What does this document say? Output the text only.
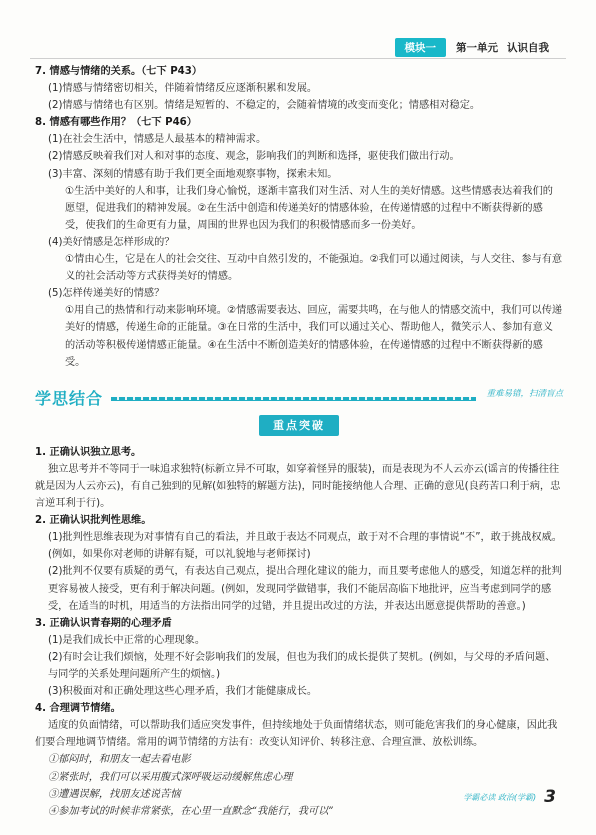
模块一	第一单元 认识自我
7. 情感与情绪的关系。（七下 P43）
(1)情感与情绪密切相关，伴随着情绪反应逐渐积累和发展。
(2)情感与情绪也有区别。情绪是短暂的、不稳定的，会随着情境的改变而变化；情感相对稳定。
8. 情感有哪些作用？（七下 P46）
(1)在社会生活中，情感是人最基本的精神需求。
(2)情感反映着我们对人和对事的态度、观念，影响我们的判断和选择，驱使我们做出行动。
(3)丰富、深刻的情感有助于我们更全面地观察事物，探索未知。
①生活中美好的人和事，让我们身心愉悦，逐渐丰富我们对生活、对人生的美好情感。这些情感表达着我们的愿望，促进我们的精神发展。②在生活中创造和传递美好的情感体验，在传递情感的过程中不断获得新的感受，使我们的生命更有力量，周围的世界也因为我们的积极情感而多一份美好。
(4)美好情感是怎样形成的？
①情由心生，它是在人的社会交往、互动中自然引发的，不能强迫。②我们可以通过阅读，与人交往、参与有意义的社会活动等方式获得美好的情感。
(5)怎样传递美好的情感？
①用自己的热情和行动来影响环境。②情感需要表达、回应，需要共鸣，在与他人的情感交流中，我们可以传递美好的情感，传递生命的正能量。③在日常的生活中，我们可以通过关心、帮助他人，微笑示人、参加有意义的活动等积极传递情感正能量。④在生活中不断创造美好的情感体验，在传递情感的过程中不断获得新的感受。
学思结合	重难易错，扫清盲点
重点突破
1. 正确认识独立思考。
独立思考并不等同于一味追求独特(标新立异不可取，如穿着怪异的服装)，而是表现为不人云亦云(谣言的传播往往就是因为人云亦云)，有自己独到的见解(如独特的解题方法)，同时能接纳他人合理、正确的意见(良药苦口利于病，忠言逆耳利于行)。
2. 正确认识批判性思维。
(1)批判性思维表现为对事情有自己的看法，并且敢于表达不同观点，敢于对不合理的事情说“不”，敢于挑战权威。(例如，如果你对老师的讲解有疑，可以礼貌地与老师探讨)
(2)批判不仅要有质疑的勇气，有表达自己观点，提出合理化建议的能力，而且要考虑他人的感受，知道怎样的批判更容易被人接受，更有利于解决问题。(例如，发现同学做错事，我们不能居高临下地批评，应当考虑到同学的感受，在适当的时机，用适当的方法指出同学的过错，并且提出改过的方法，并表达出愿意提供帮助的善意。)
3. 正确认识青春期的心理矛盾
(1)是我们成长中正常的心理现象。
(2)有时会让我们烦恼，处理不好会影响我们的发展，但也为我们的成长提供了契机。(例如，与父母的矛盾问题、与同学的关系处理问题所产生的烦恼。)
(3)积极面对和正确处理这些心理矛盾，我们才能健康成长。
4. 合理调节情绪。
适度的负面情绪，可以帮助我们适应突发事件，但持续地处于负面情绪状态，则可能危害我们的身心健康，因此我们要合理地调节情绪。常用的调节情绪的方法有：改变认知评价、转移注意、合理宣泄、放松训练。
①郁闷时，和朋友一起去看电影
②紧张时，我们可以采用腹式深呼吸运动缓解焦虑心理
③遭遇误解，找朋友述说苦恼
④参加考试的时候非常紧张，在心里一直默念“我能行，我可以”
学霸必读 政治(学霸) 3
